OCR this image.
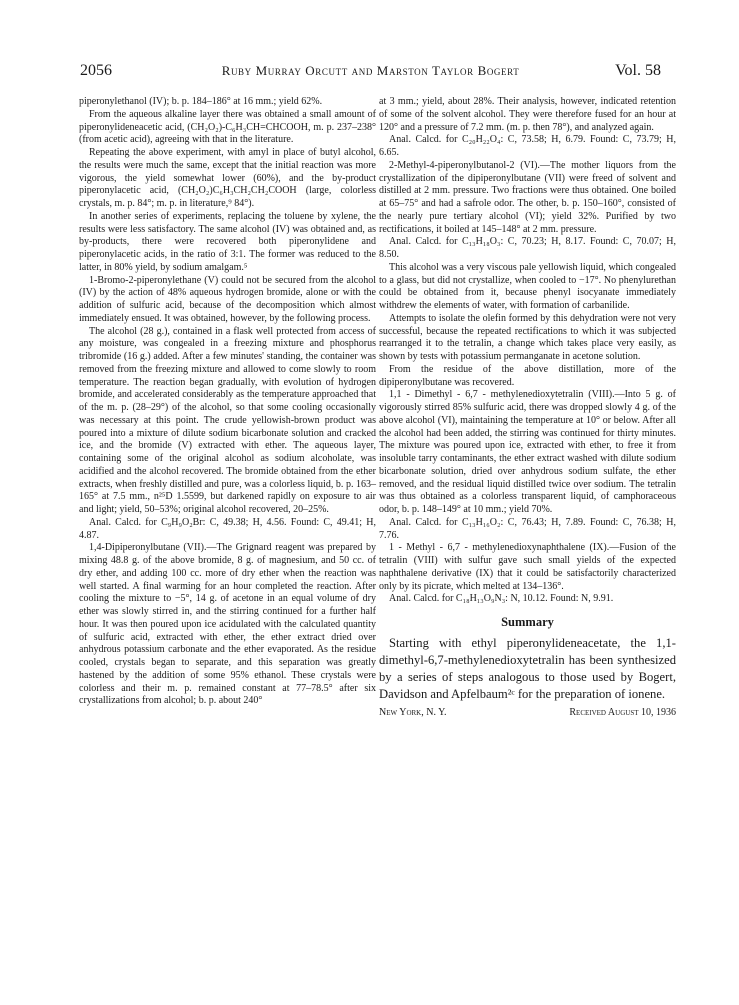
2056	Ruby Murray Orcutt and Marston Taylor Bogert	Vol. 58

piperonylethanol (IV); b. p. 184–186° at 16 mm.; yield 62%.

From the aqueous alkaline layer there was obtained a small amount of piperonylideneacetic acid, (CH₂O₂)-C₆H₃CH=CHCOOH, m. p. 237–238° (from acetic acid), agreeing with that in the literature.

Repeating the above experiment, with amyl in place of butyl alcohol, the results were much the same, except that the initial reaction was more vigorous, the yield somewhat lower (60%), and the by-product piperonylacetic acid, (CH₂O₂)C₆H₃CH₂CH₂COOH (large, colorless crystals, m. p. 84°; m. p. in literature,⁹ 84°).

In another series of experiments, replacing the toluene by xylene, the results were less satisfactory. The same alcohol (IV) was obtained and, as by-products, there were recovered both piperonylidene and piperonylacetic acids, in the ratio of 3:1. The former was reduced to the latter, in 80% yield, by sodium amalgam.⁵

1-Bromo-2-piperonylethane (V) could not be secured from the alcohol (IV) by the action of 48% aqueous hydrogen bromide, alone or with the addition of sulfuric acid, because of the decomposition which almost immediately ensued. It was obtained, however, by the following process.

The alcohol (28 g.), contained in a flask well protected from access of any moisture, was congealed in a freezing mixture and phosphorus tribromide (16 g.) added. After a few minutes' standing, the container was removed from the freezing mixture and allowed to come slowly to room temperature. The reaction began gradually, with evolution of hydrogen bromide, and accelerated considerably as the temperature approached that of the m. p. (28–29°) of the alcohol, so that some cooling occasionally was necessary at this point. The crude yellowish-brown product was poured into a mixture of dilute sodium bicarbonate solution and cracked ice, and the bromide (V) extracted with ether. The aqueous layer, containing some of the original alcohol as sodium alcoholate, was acidified and the alcohol recovered. The bromide obtained from the ether extracts, when freshly distilled and pure, was a colorless liquid, b. p. 163–165° at 7.5 mm., n²⁵D 1.5599, but darkened rapidly on exposure to air and light; yield, 50–53%; original alcohol recovered, 20–25%.

Anal. Calcd. for C₉H₉O₂Br: C, 49.38; H, 4.56. Found: C, 49.41; H, 4.87.

1,4-Dipiperonylbutane (VII).—The Grignard reagent was prepared by mixing 48.8 g. of the above bromide, 8 g. of magnesium, and 50 cc. of dry ether, and adding 100 cc. more of dry ether when the reaction was well started. A final warming for an hour completed the reaction. After cooling the mixture to −5°, 14 g. of acetone in an equal volume of dry ether was slowly stirred in, and the stirring continued for a further half hour. It was then poured upon ice acidulated with the calculated quantity of sulfuric acid, extracted with ether, the ether extract dried over anhydrous potassium carbonate and the ether evaporated. As the residue cooled, crystals began to separate, and this separation was greatly hastened by the addition of some 95% ethanol. These crystals were colorless and their m. p. remained constant at 77–78.5° after six crystallizations from alcohol; b. p. about 240°

at 3 mm.; yield, about 28%. Their analysis, however, indicated retention of some of the solvent alcohol. They were therefore fused for an hour at 120° and a pressure of 7.2 mm. (m. p. then 78°), and analyzed again.

Anal. Calcd. for C₂₀H₂₂O₄: C, 73.58; H, 6.79. Found: C, 73.79; H, 6.65.

2-Methyl-4-piperonylbutanol-2 (VI).—The mother liquors from the crystallization of the dipiperonylbutane (VII) were freed of solvent and distilled at 2 mm. pressure. Two fractions were thus obtained. One boiled at 65–75° and had a safrole odor. The other, b. p. 150–160°, consisted of the nearly pure tertiary alcohol (VI); yield 32%. Purified by two rectifications, it boiled at 145–148° at 2 mm. pressure.

Anal. Calcd. for C₁₃H₁₈O₃: C, 70.23; H, 8.17. Found: C, 70.07; H, 8.50.

This alcohol was a very viscous pale yellowish liquid, which congealed to a glass, but did not crystallize, when cooled to −17°. No phenylurethan could be obtained from it, because phenyl isocyanate immediately withdrew the elements of water, with formation of carbanilide.

Attempts to isolate the olefin formed by this dehydration were not very successful, because the repeated rectifications to which it was subjected rearranged it to the tetralin, a change which takes place very easily, as shown by tests with potassium permanganate in acetone solution.

From the residue of the above distillation, more of the dipiperonylbutane was recovered.

1,1 - Dimethyl - 6,7 - methylenedioxytetralin (VIII).—Into 5 g. of vigorously stirred 85% sulfuric acid, there was dropped slowly 4 g. of the above alcohol (VI), maintaining the temperature at 10° or below. After all the alcohol had been added, the stirring was continued for thirty minutes. The mixture was poured upon ice, extracted with ether, to free it from insoluble tarry contaminants, the ether extract washed with dilute sodium bicarbonate solution, dried over anhydrous sodium sulfate, the ether removed, and the residual liquid distilled twice over sodium. The tetralin was thus obtained as a colorless transparent liquid, of camphoraceous odor, b. p. 148–149° at 10 mm.; yield 70%.

Anal. Calcd. for C₁₃H₁₆O₂: C, 76.43; H, 7.89. Found: C, 76.38; H, 7.76.

1 - Methyl - 6,7 - methylenedioxynaphthalene (IX).—Fusion of the tetralin (VIII) with sulfur gave such small yields of the expected naphthalene derivative (IX) that it could be satisfactorily characterized only by its picrate, which melted at 134–136°.

Anal. Calcd. for C₁₈H₁₃O₉N₃: N, 10.12. Found: N, 9.91.

Summary

Starting with ethyl piperonylideneacetate, the 1,1-dimethyl-6,7-methylenedioxytetralin has been synthesized by a series of steps analogous to those used by Bogert, Davidson and Apfelbaum²ᶜ for the preparation of ionene.

New York, N. Y.	Received August 10, 1936
